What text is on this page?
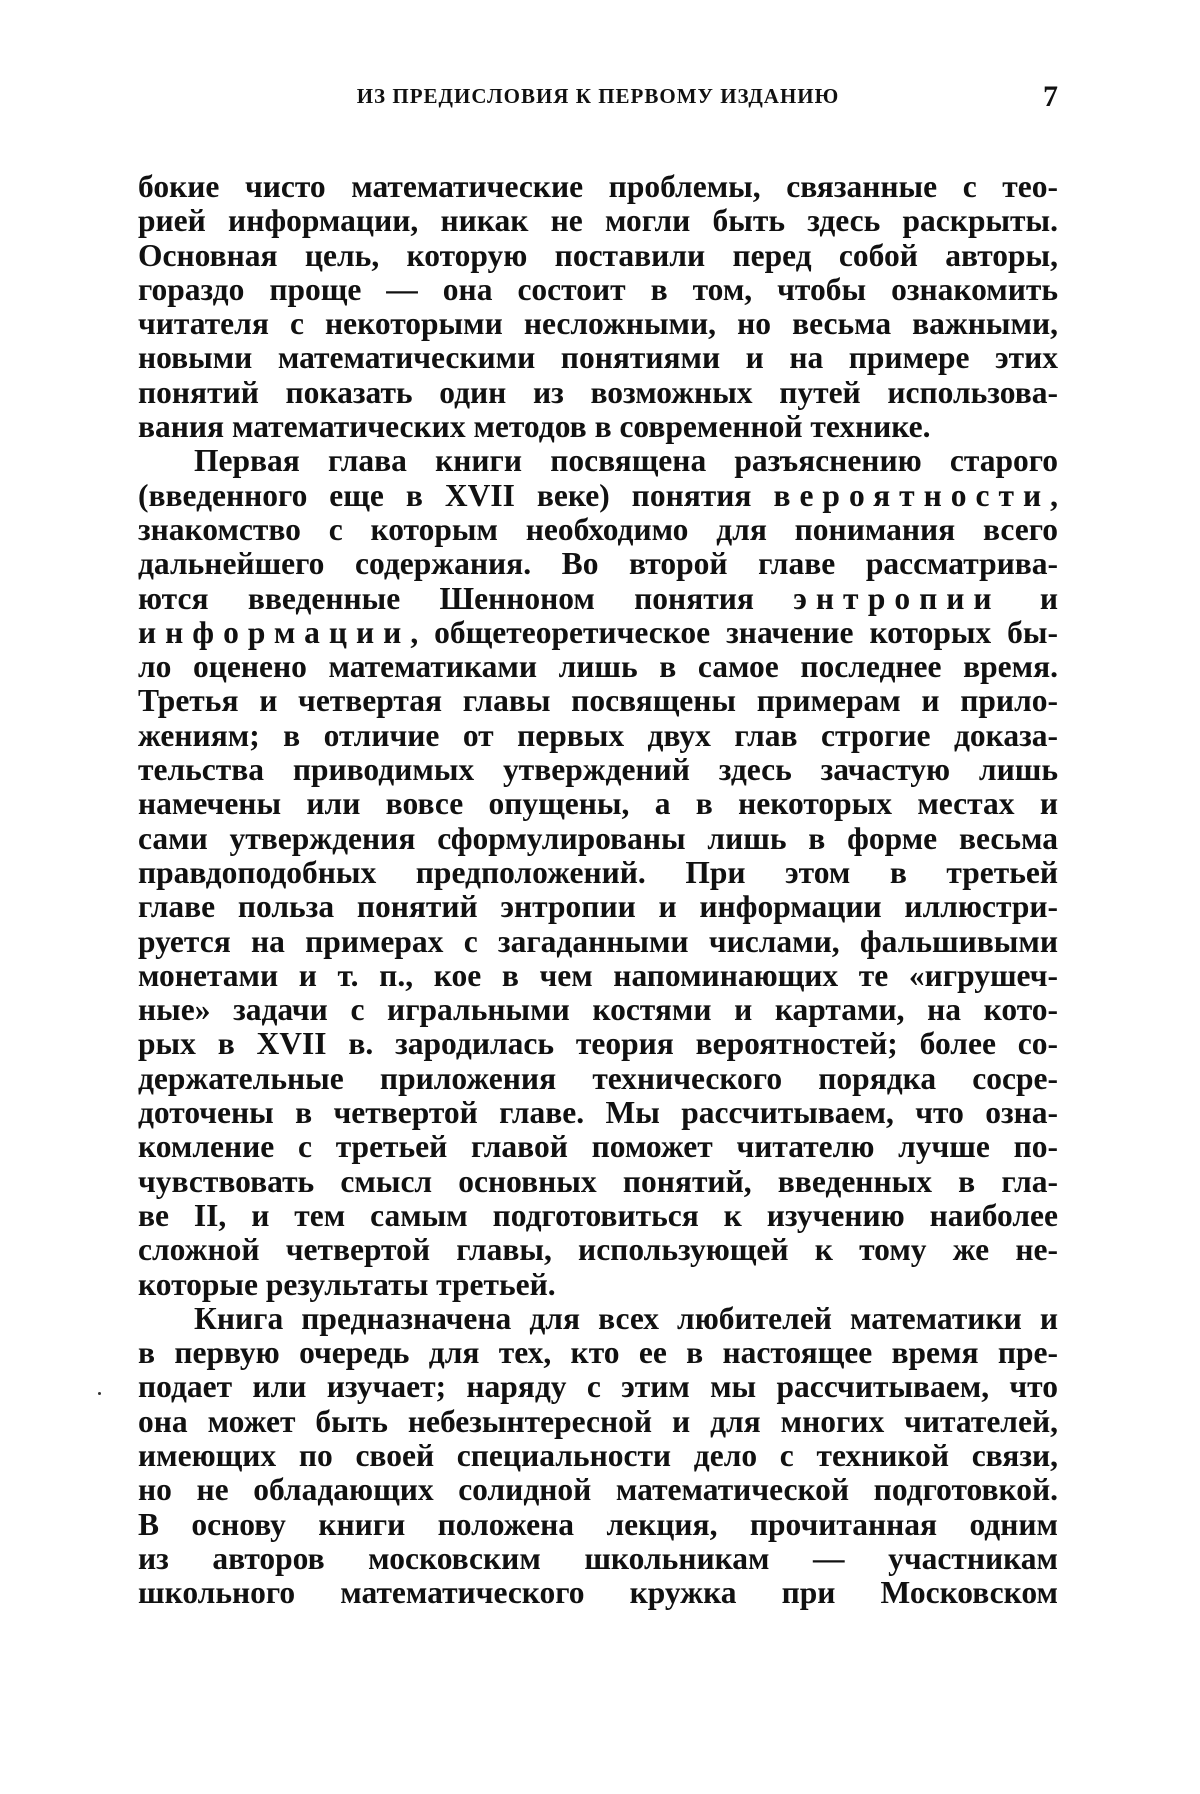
ИЗ ПРЕДИСЛОВИЯ К ПЕРВОМУ ИЗДАНИЮ	7
бокие чисто математические проблемы, связанные с тео-
рией информации, никак не могли быть здесь раскрыты.
Основная цель, которую поставили перед собой авторы,
гораздо проще — она состоит в том, чтобы ознакомить
читателя с некоторыми несложными, но весьма важными,
новыми математическими понятиями и на примере этих
понятий показать один из возможных путей использова-
вания математических методов в современной технике.
Первая глава книги посвящена разъяснению старого
(введенного еще в XVII веке) понятия вероятности,
знакомство с которым необходимо для понимания всего
дальнейшего содержания. Во второй главе рассматрива-
ются введенные Шенноном понятия энтропии и
информации, общетеоретическое значение которых бы-
ло оценено математиками лишь в самое последнее время.
Третья и четвертая главы посвящены примерам и прило-
жениям; в отличие от первых двух глав строгие доказа-
тельства приводимых утверждений здесь зачастую лишь
намечены или вовсе опущены, а в некоторых местах и
сами утверждения сформулированы лишь в форме весьма
правдоподобных предположений. При этом в третьей
главе польза понятий энтропии и информации иллюстри-
руется на примерах с загаданными числами, фальшивыми
монетами и т. п., кое в чем напоминающих те «игрушеч-
ные» задачи с игральными костями и картами, на кото-
рых в XVII в. зародилась теория вероятностей; более со-
держательные приложения технического порядка сосре-
доточены в четвертой главе. Мы рассчитываем, что озна-
комление с третьей главой поможет читателю лучше по-
чувствовать смысл основных понятий, введенных в гла-
ве II, и тем самым подготовиться к изучению наиболее
сложной четвертой главы, использующей к тому же не-
которые результаты третьей.
Книга предназначена для всех любителей математики и
в первую очередь для тех, кто ее в настоящее время пре-
подает или изучает; наряду с этим мы рассчитываем, что
она может быть небезынтересной и для многих читателей,
имеющих по своей специальности дело с техникой связи,
но не обладающих солидной математической подготовкой.
В основу книги положена лекция, прочитанная одним
из авторов московским школьникам — участникам
школьного математического кружка при Московском
